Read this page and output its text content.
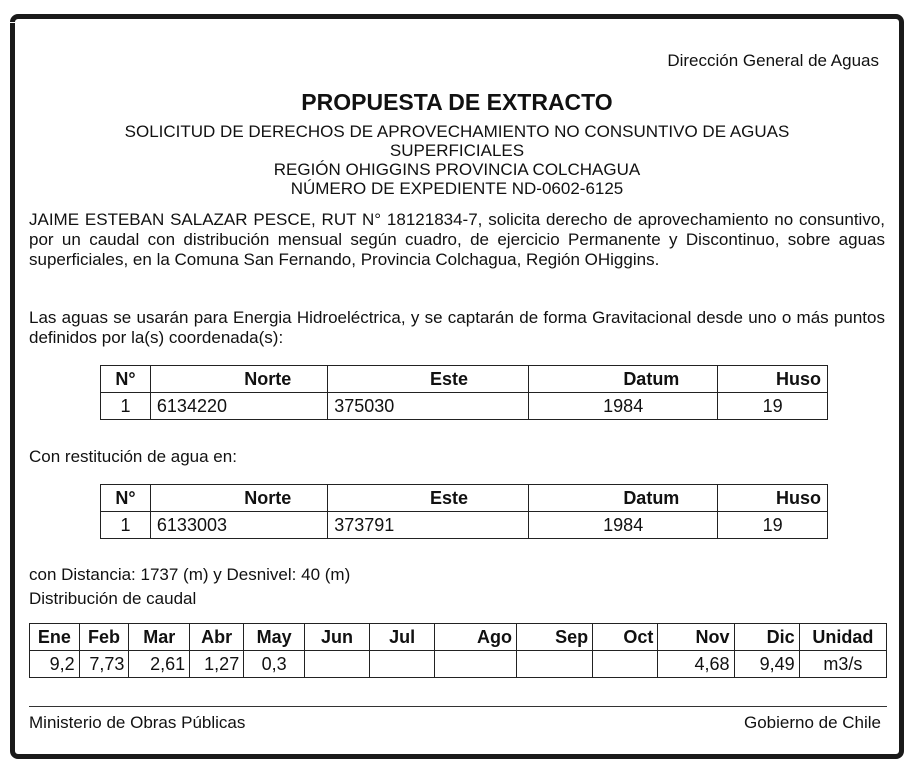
Dirección General de Aguas
PROPUESTA DE EXTRACTO
SOLICITUD DE DERECHOS DE APROVECHAMIENTO NO CONSUNTIVO DE AGUAS
SUPERFICIALES
REGIÓN OHIGGINS PROVINCIA COLCHAGUA
NÚMERO DE EXPEDIENTE ND-0602-6125
JAIME ESTEBAN SALAZAR PESCE, RUT N° 18121834-7, solicita derecho de aprovechamiento no consuntivo, por un caudal con distribución mensual según cuadro, de ejercicio Permanente y Discontinuo, sobre aguas superficiales, en la Comuna San Fernando, Provincia Colchagua, Región OHiggins.
Las aguas se usarán para Energia Hidroeléctrica, y se captarán de forma Gravitacional desde uno o más puntos definidos por la(s) coordenada(s):
N°	Norte	Este	Datum	Huso
1	6134220	375030	1984	19
Con restitución de agua en:
N°	Norte	Este	Datum	Huso
1	6133003	373791	1984	19
con Distancia: 1737 (m) y Desnivel: 40 (m)
Distribución de caudal
Ene	Feb	Mar	Abr	May	Jun	Jul	Ago	Sep	Oct	Nov	Dic	Unidad
9,2	7,73	2,61	1,27	0,3						4,68	9,49	m3/s
Ministerio de Obras Públicas	Gobierno de Chile
